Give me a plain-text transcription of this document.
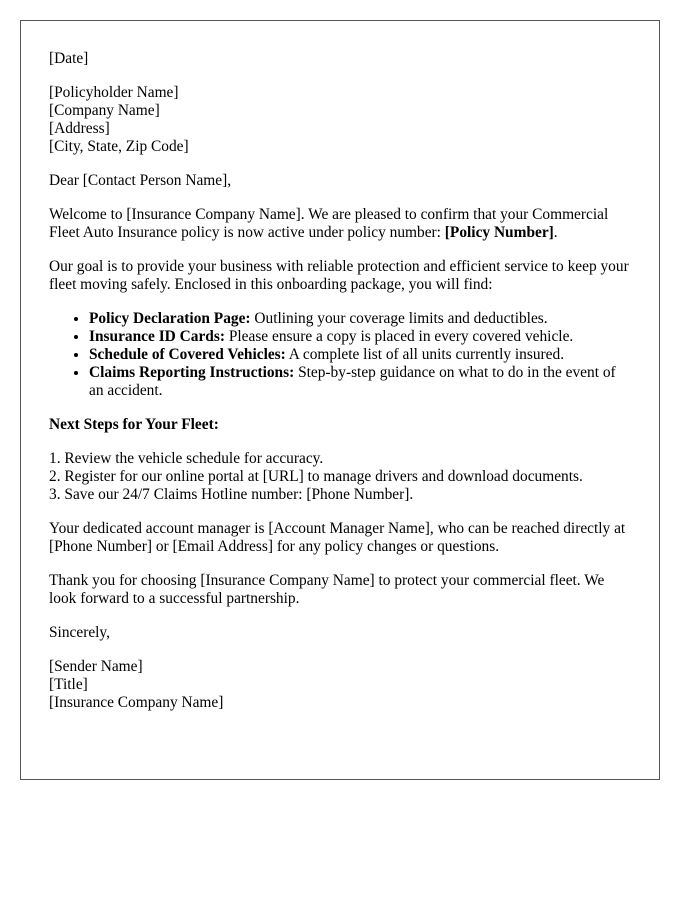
[Date]

[Policyholder Name]
[Company Name]
[Address]
[City, State, Zip Code]

Dear [Contact Person Name],

Welcome to [Insurance Company Name]. We are pleased to confirm that your Commercial Fleet Auto Insurance policy is now active under policy number: [Policy Number].

Our goal is to provide your business with reliable protection and efficient service to keep your fleet moving safely. Enclosed in this onboarding package, you will find:

• Policy Declaration Page: Outlining your coverage limits and deductibles.
• Insurance ID Cards: Please ensure a copy is placed in every covered vehicle.
• Schedule of Covered Vehicles: A complete list of all units currently insured.
• Claims Reporting Instructions: Step-by-step guidance on what to do in the event of an accident.

Next Steps for Your Fleet:

1. Review the vehicle schedule for accuracy.
2. Register for our online portal at [URL] to manage drivers and download documents.
3. Save our 24/7 Claims Hotline number: [Phone Number].

Your dedicated account manager is [Account Manager Name], who can be reached directly at [Phone Number] or [Email Address] for any policy changes or questions.

Thank you for choosing [Insurance Company Name] to protect your commercial fleet. We look forward to a successful partnership.

Sincerely,

[Sender Name]
[Title]
[Insurance Company Name]
